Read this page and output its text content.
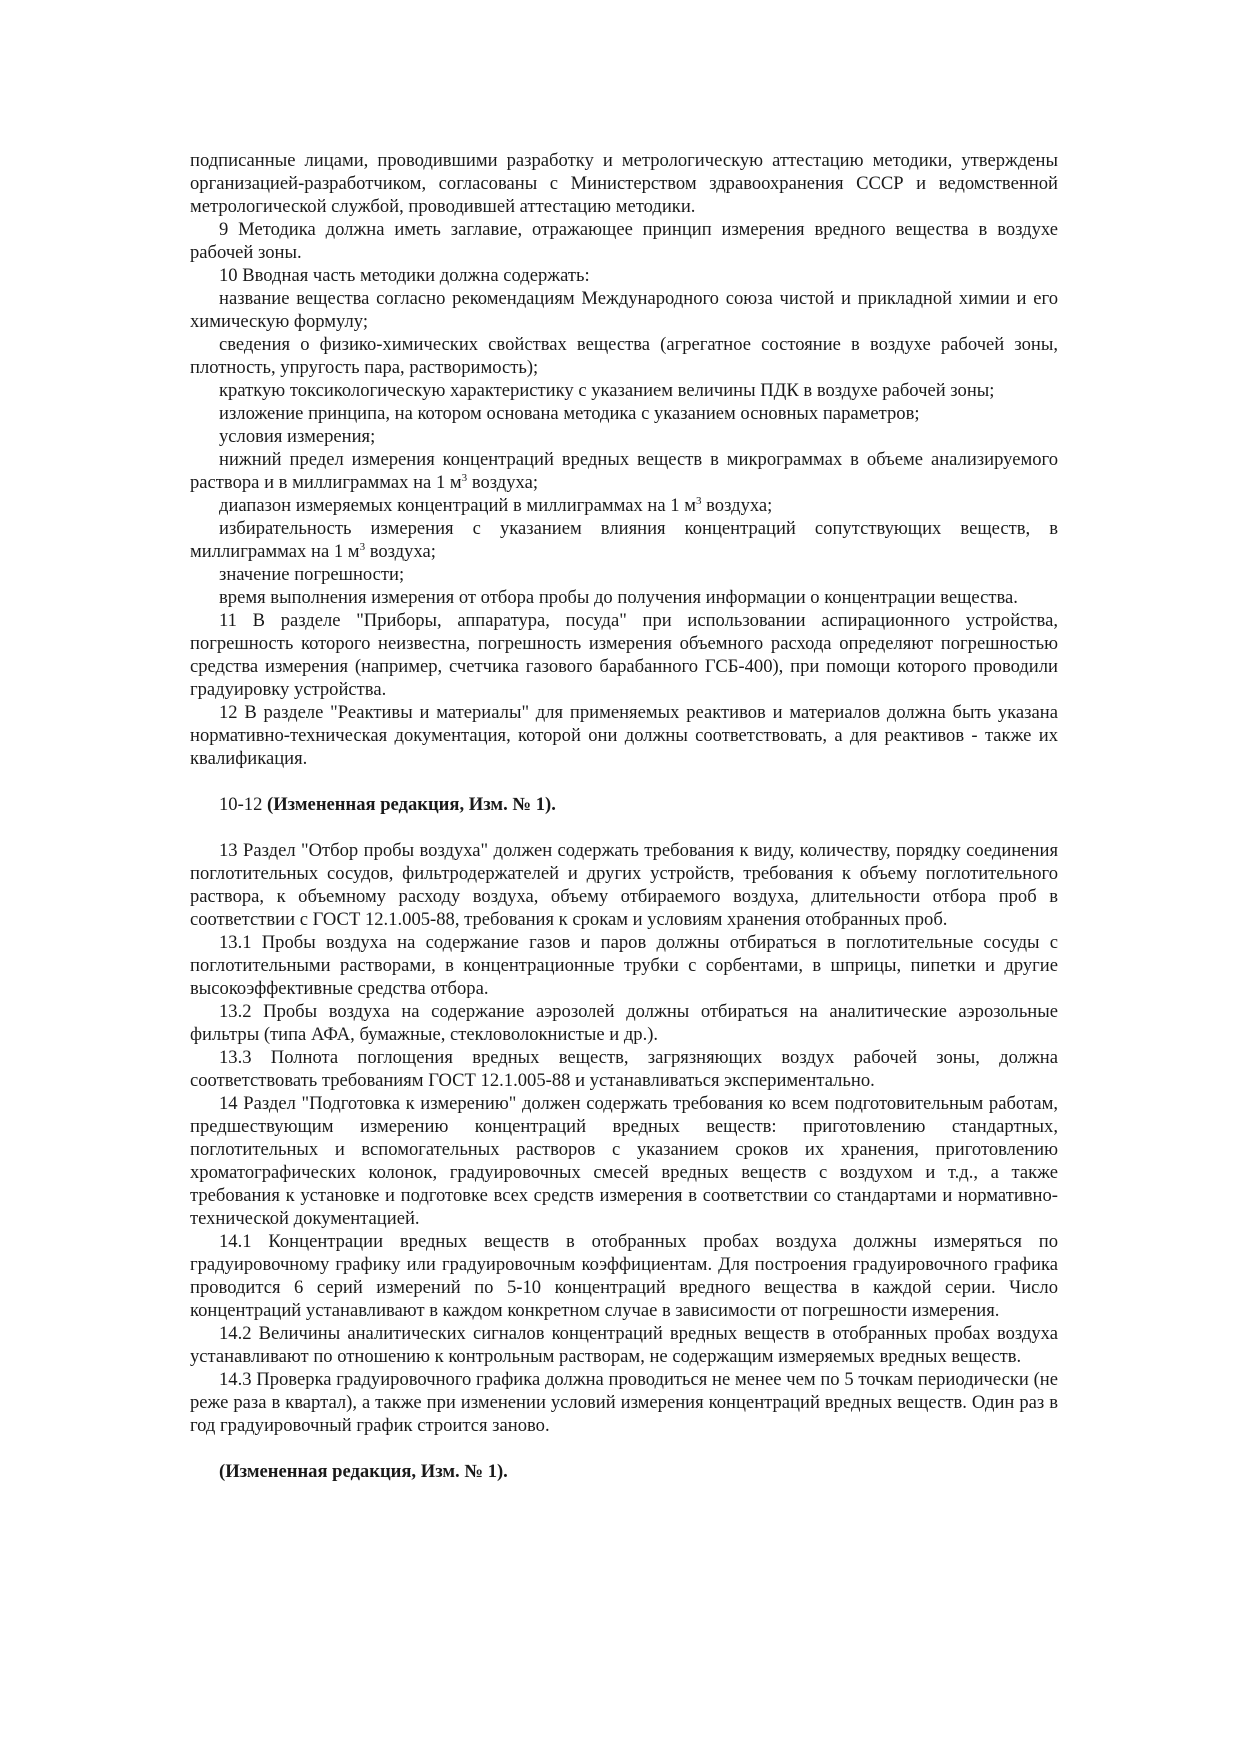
подписанные лицами, проводившими разработку и метрологическую аттестацию методики, утверждены организацией-разработчиком, согласованы с Министерством здравоохранения СССР и ведомственной метрологической службой, проводившей аттестацию методики.

9 Методика должна иметь заглавие, отражающее принцип измерения вредного вещества в воздухе рабочей зоны.

10 Вводная часть методики должна содержать:

название вещества согласно рекомендациям Международного союза чистой и прикладной химии и его химическую формулу;

сведения о физико-химических свойствах вещества (агрегатное состояние в воздухе рабочей зоны, плотность, упругость пара, растворимость);

краткую токсикологическую характеристику с указанием величины ПДК в воздухе рабочей зоны;

изложение принципа, на котором основана методика с указанием основных параметров;

условия измерения;

нижний предел измерения концентраций вредных веществ в микрограммах в объеме анализируемого раствора и в миллиграммах на 1 $м^3$ воздуха;

диапазон измеряемых концентраций в миллиграммах на 1 $м^3$ воздуха;

избирательность измерения с указанием влияния концентраций сопутствующих веществ, в миллиграммах на 1 $м^3$ воздуха;

значение погрешности;

время выполнения измерения от отбора пробы до получения информации о концентрации вещества.

11 В разделе "Приборы, аппаратура, посуда" при использовании аспирационного устройства, погрешность которого неизвестна, погрешность измерения объемного расхода определяют погрешностью средства измерения (например, счетчика газового барабанного ГСБ-400), при помощи которого проводили градуировку устройства.

12 В разделе "Реактивы и материалы" для применяемых реактивов и материалов должна быть указана нормативно-техническая документация, которой они должны соответствовать, а для реактивов - также их квалификация.

10-12 (Измененная редакция, Изм. № 1).

13 Раздел "Отбор пробы воздуха" должен содержать требования к виду, количеству, порядку соединения поглотительных сосудов, фильтродержателей и других устройств, требования к объему поглотительного раствора, к объемному расходу воздуха, объему отбираемого воздуха, длительности отбора проб в соответствии с ГОСТ 12.1.005-88, требования к срокам и условиям хранения отобранных проб.

13.1 Пробы воздуха на содержание газов и паров должны отбираться в поглотительные сосуды с поглотительными растворами, в концентрационные трубки с сорбентами, в шприцы, пипетки и другие высокоэффективные средства отбора.

13.2 Пробы воздуха на содержание аэрозолей должны отбираться на аналитические аэрозольные фильтры (типа АФА, бумажные, стекловолокнистые и др.).

13.3 Полнота поглощения вредных веществ, загрязняющих воздух рабочей зоны, должна соответствовать требованиям ГОСТ 12.1.005-88 и устанавливаться экспериментально.

14 Раздел "Подготовка к измерению" должен содержать требования ко всем подготовительным работам, предшествующим измерению концентраций вредных веществ: приготовлению стандартных, поглотительных и вспомогательных растворов с указанием сроков их хранения, приготовлению хроматографических колонок, градуировочных смесей вредных веществ с воздухом и т.д., а также требования к установке и подготовке всех средств измерения в соответствии со стандартами и нормативно-технической документацией.

14.1 Концентрации вредных веществ в отобранных пробах воздуха должны измеряться по градуировочному графику или градуировочным коэффициентам. Для построения градуировочного графика проводится 6 серий измерений по 5-10 концентраций вредного вещества в каждой серии. Число концентраций устанавливают в каждом конкретном случае в зависимости от погрешности измерения.

14.2 Величины аналитических сигналов концентраций вредных веществ в отобранных пробах воздуха устанавливают по отношению к контрольным растворам, не содержащим измеряемых вредных веществ.

14.3 Проверка градуировочного графика должна проводиться не менее чем по 5 точкам периодически (не реже раза в квартал), а также при изменении условий измерения концентраций вредных веществ. Один раз в год градуировочный график строится заново.

(Измененная редакция, Изм. № 1).
